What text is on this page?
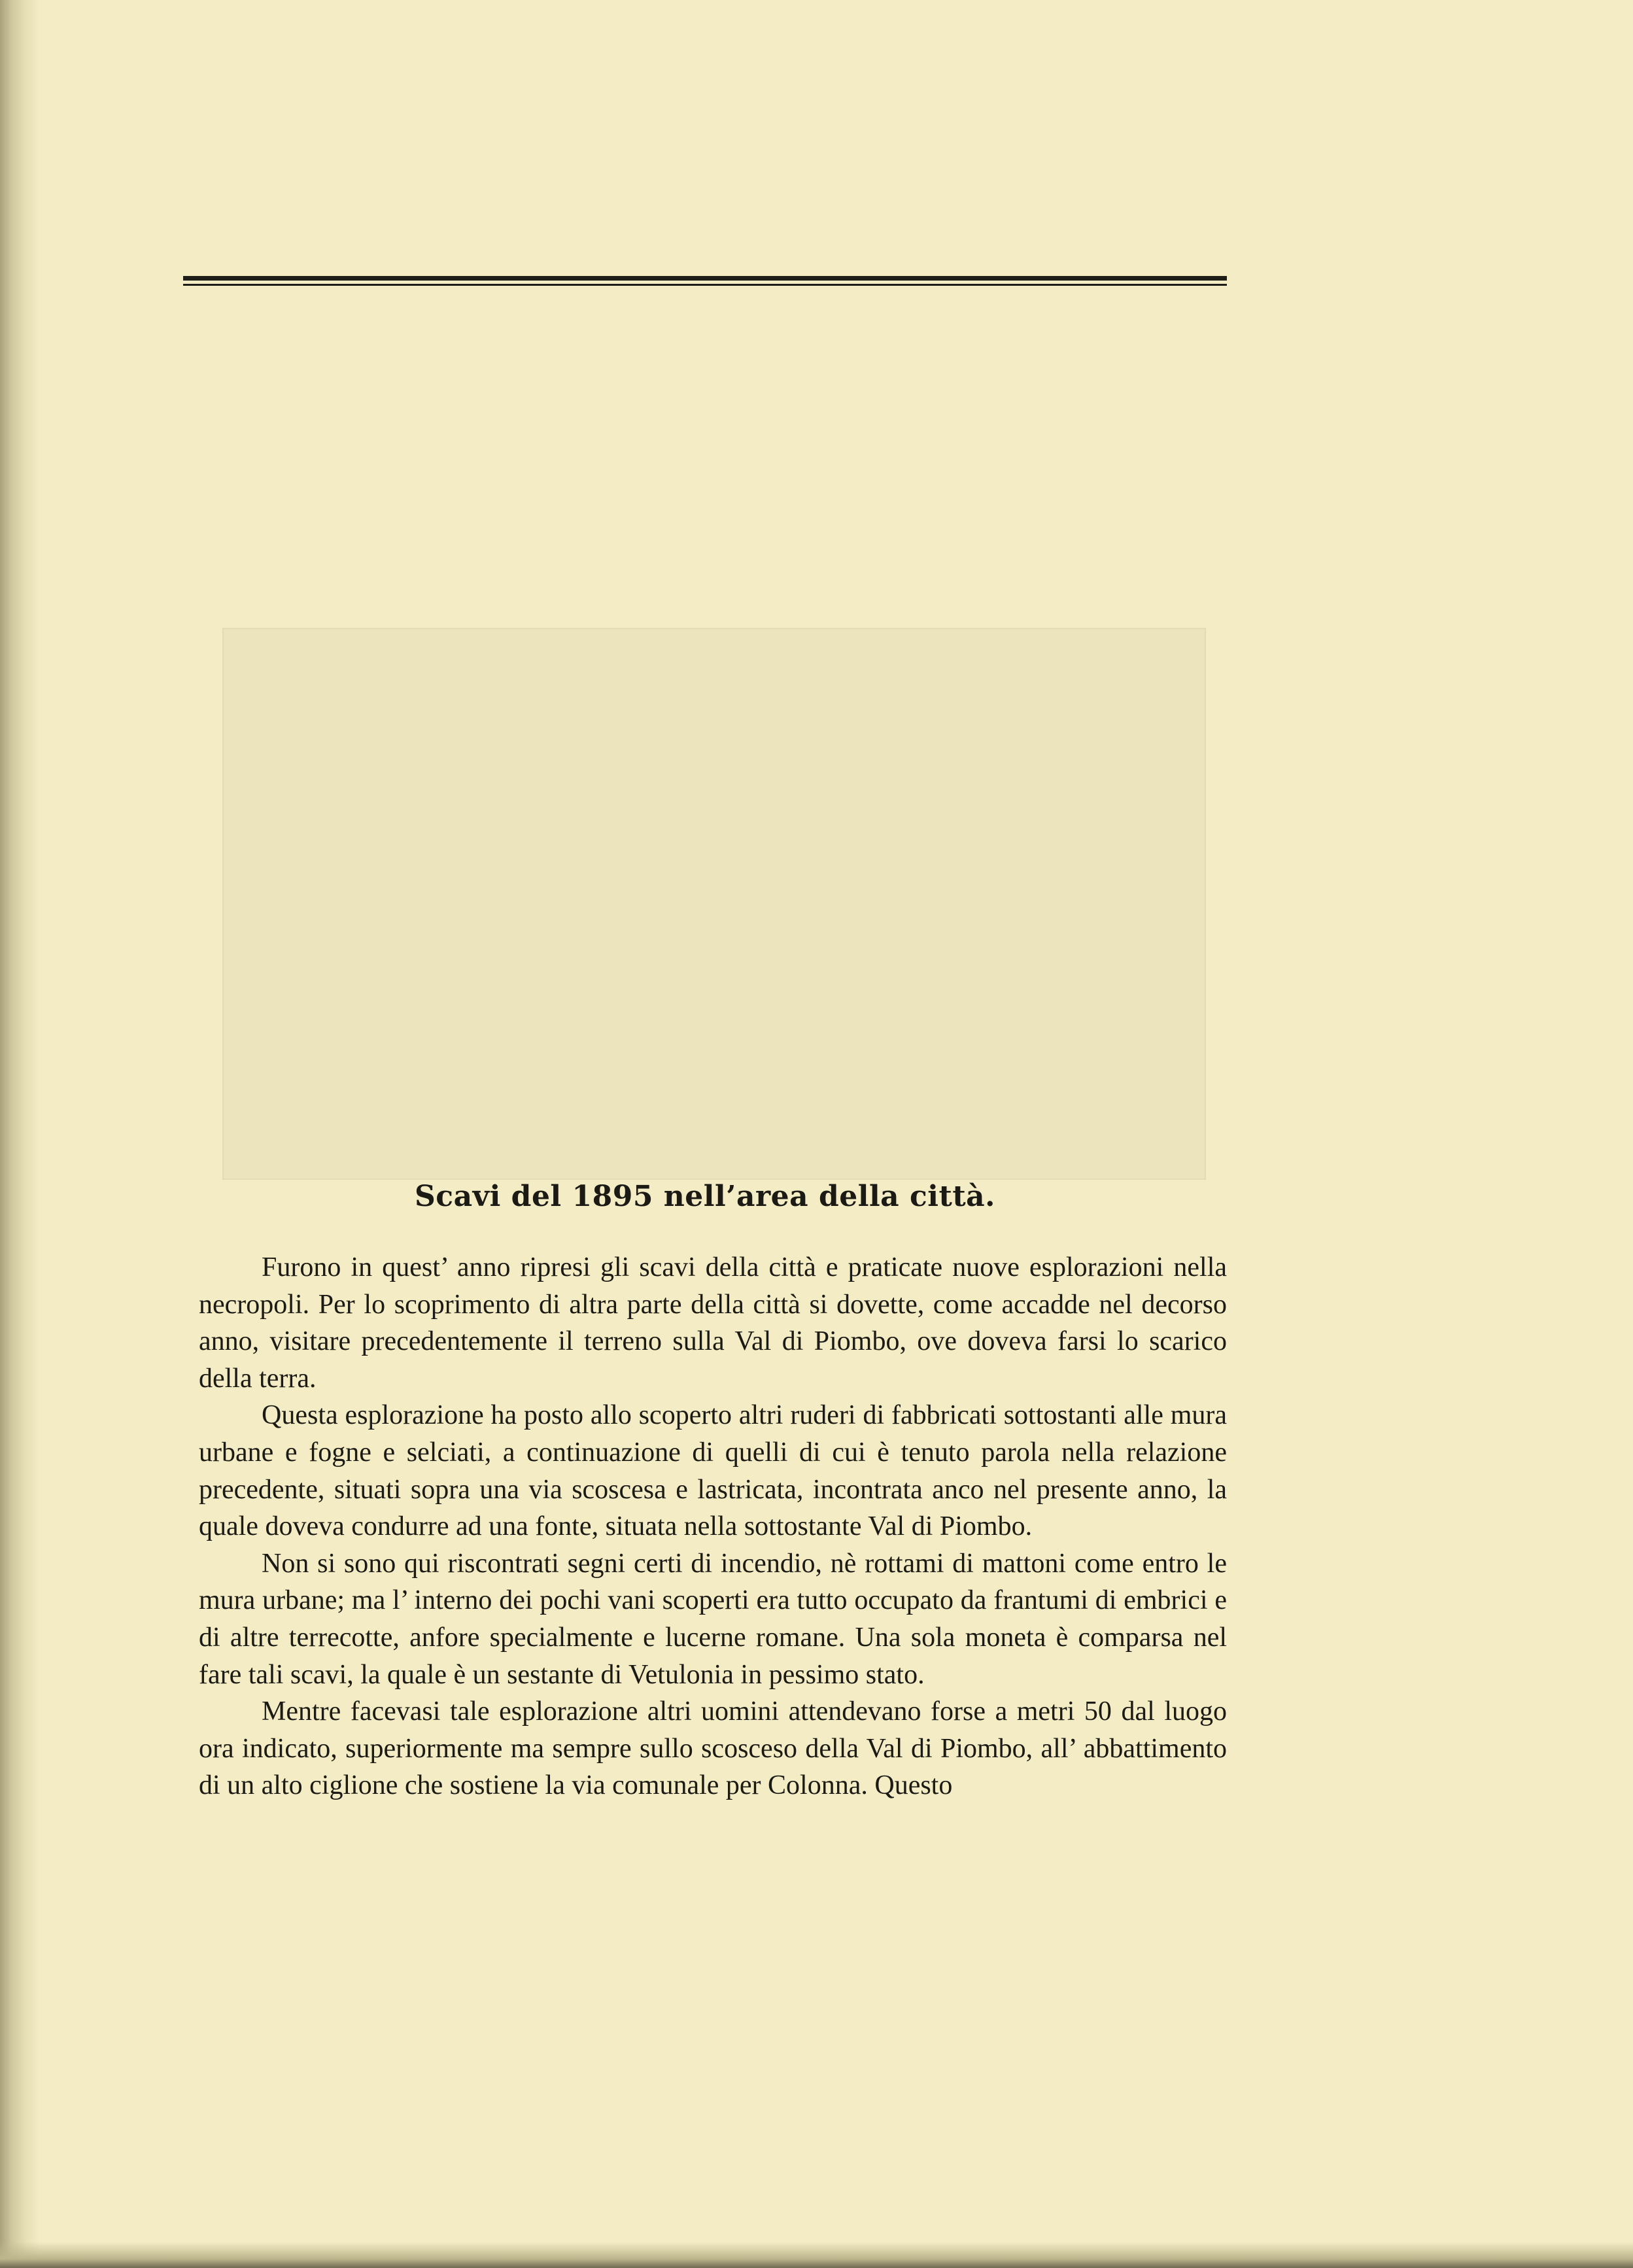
Scavi del 1895 nell’area della città.

Furono in quest’ anno ripresi gli scavi della città e praticate nuove esplorazioni nella necropoli. Per lo scoprimento di altra parte della città si dovette, come accadde nel decorso anno, visitare precedentemente il terreno sulla Val di Piombo, ove doveva farsi lo scarico della terra.

Questa esplorazione ha posto allo scoperto altri ruderi di fabbricati sottostanti alle mura urbane e fogne e selciati, a continuazione di quelli di cui è tenuto parola nella relazione precedente, situati sopra una via scoscesa e lastricata, incontrata anco nel presente anno, la quale doveva condurre ad una fonte, situata nella sottostante Val di Piombo.

Non si sono qui riscontrati segni certi di incendio, nè rottami di mattoni come entro le mura urbane; ma l’ interno dei pochi vani scoperti era tutto occupato da frantumi di embrici e di altre terrecotte, anfore specialmente e lucerne romane. Una sola moneta è comparsa nel fare tali scavi, la quale è un sestante di Vetulonia in pessimo stato.

Mentre facevasi tale esplorazione altri uomini attendevano forse a metri 50 dal luogo ora indicato, superiormente ma sempre sullo scosceso della Val di Piombo, all’ abbattimento di un alto ciglione che sostiene la via comunale per Colonna. Questo
